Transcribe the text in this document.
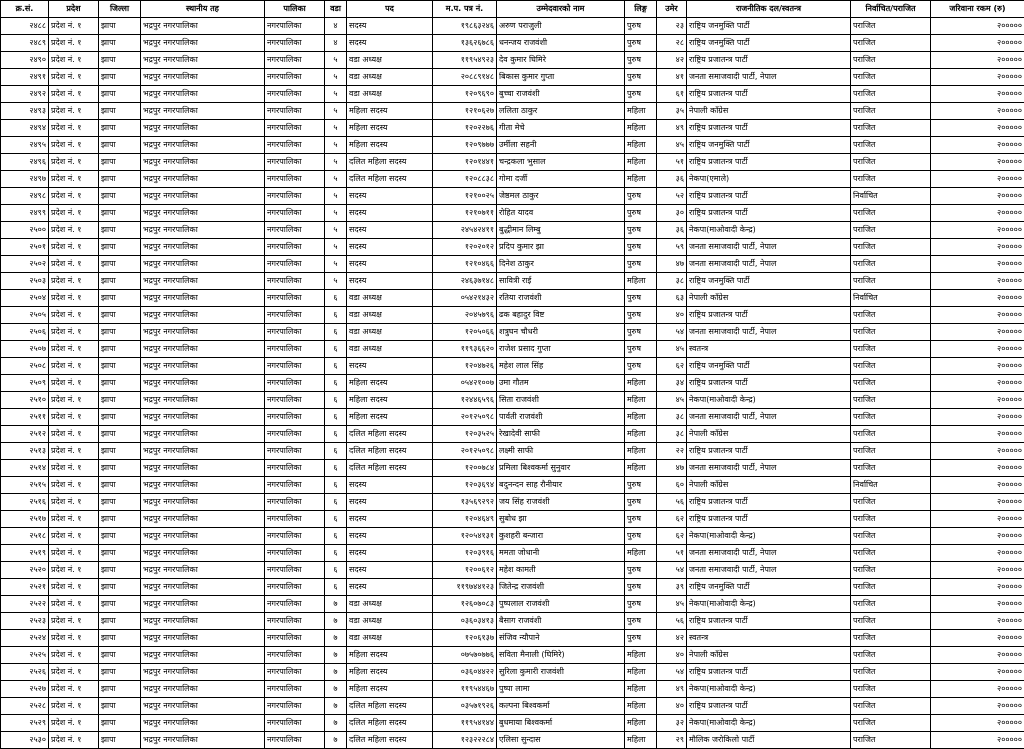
क्र.सं.	प्रदेश	जिल्ला	स्थानीय तह	पालिका	वडा	पद	म.प. पत्र नं.	उम्मेदवारको नाम	लिङ्ग	उमेर	राजनीतिक दल/स्वतन्त्र	निर्वाचित/पराजित	जरिवाना रकम (रु)
२४८८	प्रदेश नं. १	झापा	भद्रपुर नगरपालिका	नगरपालिका	४	सदस्य	१९८६३२४६	अरुण पराजुली	पुरुष	२३	राष्ट्रिय जनमुक्ति पार्टी	पराजित	२०००००
२४८९	प्रदेश नं. १	झापा	भद्रपुर नगरपालिका	नगरपालिका	४	सदस्य	१३६२६७८६	धनन्जय राजवंशी	पुरुष	२८	राष्ट्रिय जनमुक्ति पार्टी	पराजित	२०००००
२४९०	प्रदेश नं. १	झापा	भद्रपुर नगरपालिका	नगरपालिका	५	वडा अध्यक्ष	११९५४९२३	देव कुमार घिमिरे	पुरुष	४२	राष्ट्रिय प्रजातन्त्र पार्टी	पराजित	२०००००
२४९१	प्रदेश नं. १	झापा	भद्रपुर नगरपालिका	नगरपालिका	५	वडा अध्यक्ष	२०८८९१४८	बिकास कुमार गुप्ता	पुरुष	४१	जनता समाजवादी पार्टी, नेपाल	पराजित	२०००००
२४९२	प्रदेश नं. १	झापा	भद्रपुर नगरपालिका	नगरपालिका	५	वडा अध्यक्ष	१२०९६९०	बुच्चा राजवंशी	पुरुष	६१	राष्ट्रिय प्रजातन्त्र पार्टी	पराजित	२०००००
२४९३	प्रदेश नं. १	झापा	भद्रपुर नगरपालिका	नगरपालिका	५	महिला सदस्य	१२१०६२७	ललिता ठाकुर	महिला	३५	नेपाली काँग्रेस	पराजित	२०००००
२४९४	प्रदेश नं. १	झापा	भद्रपुर नगरपालिका	नगरपालिका	५	महिला सदस्य	१२०२२७६	गीता मेचे	महिला	४९	राष्ट्रिय प्रजातन्त्र पार्टी	पराजित	२०००००
२४९५	प्रदेश नं. १	झापा	भद्रपुर नगरपालिका	नगरपालिका	५	महिला सदस्य	१२०९७७७	उर्मीला सहनी	महिला	४५	राष्ट्रिय जनमुक्ति पार्टी	पराजित	२०००००
२४९६	प्रदेश नं. १	झापा	भद्रपुर नगरपालिका	नगरपालिका	५	दलित महिला सदस्य	१२०१४४१	चन्द्रकला भुसाल	महिला	५१	राष्ट्रिय प्रजातन्त्र पार्टी	पराजित	२०००००
२४९७	प्रदेश नं. १	झापा	भद्रपुर नगरपालिका	नगरपालिका	५	दलित महिला सदस्य	१२०८८३८	गोमा दर्जी	महिला	३६	नेकपा(एमाले)	पराजित	२०००००
२४९८	प्रदेश नं. १	झापा	भद्रपुर नगरपालिका	नगरपालिका	५	सदस्य	१२१००२५	जेष्ठमल ठाकुर	पुरुष	५२	राष्ट्रिय प्रजातन्त्र पार्टी	निर्वाचित	२०००००
२४९९	प्रदेश नं. १	झापा	भद्रपुर नगरपालिका	नगरपालिका	५	सदस्य	१२१०७११	रोहित यादव	पुरुष	३०	राष्ट्रिय प्रजातन्त्र पार्टी	पराजित	२०००००
२५००	प्रदेश नं. १	झापा	भद्रपुर नगरपालिका	नगरपालिका	५	सदस्य	२४५४२४११	बुद्धीमान लिम्बु	पुरुष	३६	नेकपा(माओवादी केन्द्र)	पराजित	२०००००
२५०१	प्रदेश नं. १	झापा	भद्रपुर नगरपालिका	नगरपालिका	५	सदस्य	१२०२०१२	प्रदिप कुमार झा	पुरुष	५९	जनता समाजवादी पार्टी, नेपाल	पराजित	२०००००
२५०२	प्रदेश नं. १	झापा	भद्रपुर नगरपालिका	नगरपालिका	५	सदस्य	१२१०४६६	दिनेश ठाकुर	पुरुष	४७	जनता समाजवादी पार्टी, नेपाल	पराजित	२०००००
२५०३	प्रदेश नं. १	झापा	भद्रपुर नगरपालिका	नगरपालिका	५	सदस्य	२४६३७१४८	सावित्री राई	महिला	३८	राष्ट्रिय जनमुक्ति पार्टी	पराजित	२०००००
२५०४	प्रदेश नं. १	झापा	भद्रपुर नगरपालिका	नगरपालिका	६	वडा अध्यक्ष	०५४२१४३२	रतिया राजवंशी	पुरुष	६३	नेपाली काँग्रेस	निर्वाचित	२०००००
२५०५	प्रदेश नं. १	झापा	भद्रपुर नगरपालिका	नगरपालिका	६	वडा अध्यक्ष	२०४५७९६	ढक बहादुर विष्ट	पुरुष	४०	राष्ट्रिय प्रजातन्त्र पार्टी	पराजित	२०००००
२५०६	प्रदेश नं. १	झापा	भद्रपुर नगरपालिका	नगरपालिका	६	वडा अध्यक्ष	१२०५०६६	शत्रुघन चौधरी	पुरुष	५४	जनता समाजवादी पार्टी, नेपाल	पराजित	२०००००
२५०७	प्रदेश नं. १	झापा	भद्रपुर नगरपालिका	नगरपालिका	६	वडा अध्यक्ष	११९३६६२०	राजेश प्रसाद गुप्ता	पुरुष	४५	स्वतन्त्र	पराजित	२०००००
२५०८	प्रदेश नं. १	झापा	भद्रपुर नगरपालिका	नगरपालिका	६	सदस्य	१२०४७२६	महेश लाल सिंह	पुरुष	६२	राष्ट्रिय जनमुक्ति पार्टी	पराजित	२०००००
२५०९	प्रदेश नं. १	झापा	भद्रपुर नगरपालिका	नगरपालिका	६	महिला सदस्य	०५४२१००७	उमा गौतम	महिला	३४	राष्ट्रिय प्रजातन्त्र पार्टी	पराजित	२०००००
२५१०	प्रदेश नं. १	झापा	भद्रपुर नगरपालिका	नगरपालिका	६	महिला सदस्य	१२४४६५९६	सिता राजवंशी	महिला	४५	नेकपा(माओवादी केन्द्र)	पराजित	२०००००
२५११	प्रदेश नं. १	झापा	भद्रपुर नगरपालिका	नगरपालिका	६	महिला सदस्य	२०१२५०९८	पार्वती राजवंशी	महिला	३८	जनता समाजवादी पार्टी, नेपाल	पराजित	२०००००
२५१२	प्रदेश नं. १	झापा	भद्रपुर नगरपालिका	नगरपालिका	६	दलित महिला सदस्य	१२०३५२५	रेखादेवी साफी	महिला	३८	नेपाली काँग्रेस	पराजित	२०००००
२५१३	प्रदेश नं. १	झापा	भद्रपुर नगरपालिका	नगरपालिका	६	दलित महिला सदस्य	२०१२५०९८	लक्ष्मी साफी	महिला	२२	राष्ट्रिय प्रजातन्त्र पार्टी	पराजित	२०००००
२५१४	प्रदेश नं. १	झापा	भद्रपुर नगरपालिका	नगरपालिका	६	दलित महिला सदस्य	१२००७८४	प्रमिला बिश्वकर्मा सुनुवार	महिला	४७	जनता समाजवादी पार्टी, नेपाल	पराजित	२०००००
२५१५	प्रदेश नं. १	झापा	भद्रपुर नगरपालिका	नगरपालिका	६	सदस्य	१२०३६९४	बदुनन्दन साह रौनीयार	पुरुष	६०	नेपाली काँग्रेस	निर्वाचित	२०००००
२५१६	प्रदेश नं. १	झापा	भद्रपुर नगरपालिका	नगरपालिका	६	सदस्य	१३५६९२९२	जय सिंह राजवंशी	पुरुष	५६	राष्ट्रिय प्रजातन्त्र पार्टी	पराजित	२०००००
२५१७	प्रदेश नं. १	झापा	भद्रपुर नगरपालिका	नगरपालिका	६	सदस्य	१२०४६४९	सुबोध झा	पुरुष	६२	राष्ट्रिय प्रजातन्त्र पार्टी	पराजित	२०००००
२५१८	प्रदेश नं. १	झापा	भद्रपुर नगरपालिका	नगरपालिका	६	सदस्य	१२०५४१३१	कुशहरी बन्जारा	पुरुष	६२	नेकपा(माओवादी केन्द्र)	पराजित	२०००००
२५१९	प्रदेश नं. १	झापा	भद्रपुर नगरपालिका	नगरपालिका	६	सदस्य	१२०३९१६	ममता जोधानी	महिला	५१	जनता समाजवादी पार्टी, नेपाल	पराजित	२०००००
२५२०	प्रदेश नं. १	झापा	भद्रपुर नगरपालिका	नगरपालिका	६	सदस्य	१२००६१२	महेश कामती	पुरुष	५४	जनता समाजवादी पार्टी, नेपाल	पराजित	२०००००
२५२१	प्रदेश नं. १	झापा	भद्रपुर नगरपालिका	नगरपालिका	६	सदस्य	११९७४४१२३	जितेन्द्र राजवंशी	पुरुष	३९	राष्ट्रिय जनमुक्ति पार्टी	पराजित	२०००००
२५२२	प्रदेश नं. १	झापा	भद्रपुर नगरपालिका	नगरपालिका	७	वडा अध्यक्ष	१२६०७०८३	पुष्पलाल राजवंशी	पुरुष	४५	नेकपा(माओवादी केन्द्र)	पराजित	२०००००
२५२३	प्रदेश नं. १	झापा	भद्रपुर नगरपालिका	नगरपालिका	७	वडा अध्यक्ष	०३६०३४१३	बैसाग राजवंशी	पुरुष	५६	राष्ट्रिय प्रजातन्त्र पार्टी	पराजित	२०००००
२५२४	प्रदेश नं. १	झापा	भद्रपुर नगरपालिका	नगरपालिका	७	वडा अध्यक्ष	१२०६१३७	संजिव न्यौपाने	पुरुष	४२	स्वतन्त्र	पराजित	२०००००
२५२५	प्रदेश नं. १	झापा	भद्रपुर नगरपालिका	नगरपालिका	७	महिला सदस्य	०७५७०७७६	सविता मैनाली (घिमिरे)	महिला	४०	नेपाली काँग्रेस	पराजित	२०००००
२५२६	प्रदेश नं. १	झापा	भद्रपुर नगरपालिका	नगरपालिका	७	महिला सदस्य	०३६०४४२२	सुरिला कुमारी राजवंशी	महिला	५४	राष्ट्रिय प्रजातन्त्र पार्टी	पराजित	२०००००
२५२७	प्रदेश नं. १	झापा	भद्रपुर नगरपालिका	नगरपालिका	७	महिला सदस्य	११९५४४६७	पुष्पा लामा	महिला	४९	नेकपा(माओवादी केन्द्र)	पराजित	२०००००
२५२८	प्रदेश नं. १	झापा	भद्रपुर नगरपालिका	नगरपालिका	७	दलित महिला सदस्य	०३५७१९२६	कल्पना बिश्वकर्मा	महिला	४०	राष्ट्रिय प्रजातन्त्र पार्टी	पराजित	२०००००
२५२९	प्रदेश नं. १	झापा	भद्रपुर नगरपालिका	नगरपालिका	७	दलित महिला सदस्य	११९५४१४४	बुधमाया बिश्वकर्मा	महिला	३२	नेकपा(माओवादी केन्द्र)	पराजित	२०००००
२५३०	प्रदेश नं. १	झापा	भद्रपुर नगरपालिका	नगरपालिका	७	दलित महिला सदस्य	१२३२२२८४	एलिसा सुन्दास	महिला	२९	मौलिक जरोकिलो पार्टी	पराजित	२०००००
